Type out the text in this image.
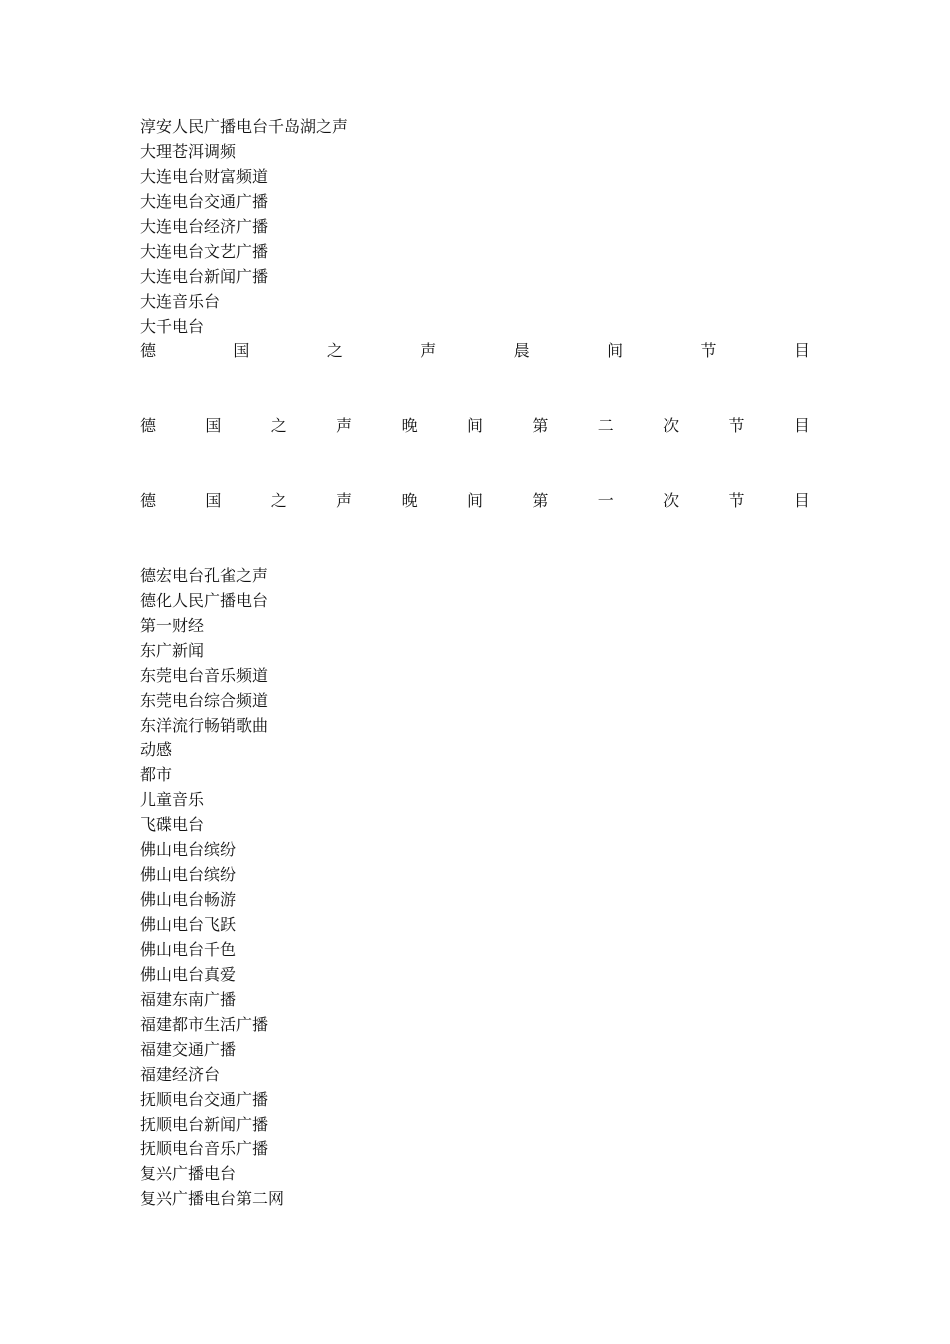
淳安人民广播电台千岛湖之声
大理苍洱调频
大连电台财富频道
大连电台交通广播
大连电台经济广播
大连电台文艺广播
大连电台新闻广播
大连音乐台
大千电台
德	国	之	声	晨	间	节	目
德	国	之	声	晚	间	第	二	次	节	目
德	国	之	声	晚	间	第	一	次	节	目
德宏电台孔雀之声
德化人民广播电台
第一财经
东广新闻
东莞电台音乐频道
东莞电台综合频道
东洋流行畅销歌曲
动感
都市
儿童音乐
飞碟电台
佛山电台缤纷
佛山电台缤纷
佛山电台畅游
佛山电台飞跃
佛山电台千色
佛山电台真爱
福建东南广播
福建都市生活广播
福建交通广播
福建经济台
抚顺电台交通广播
抚顺电台新闻广播
抚顺电台音乐广播
复兴广播电台
复兴广播电台第二网
